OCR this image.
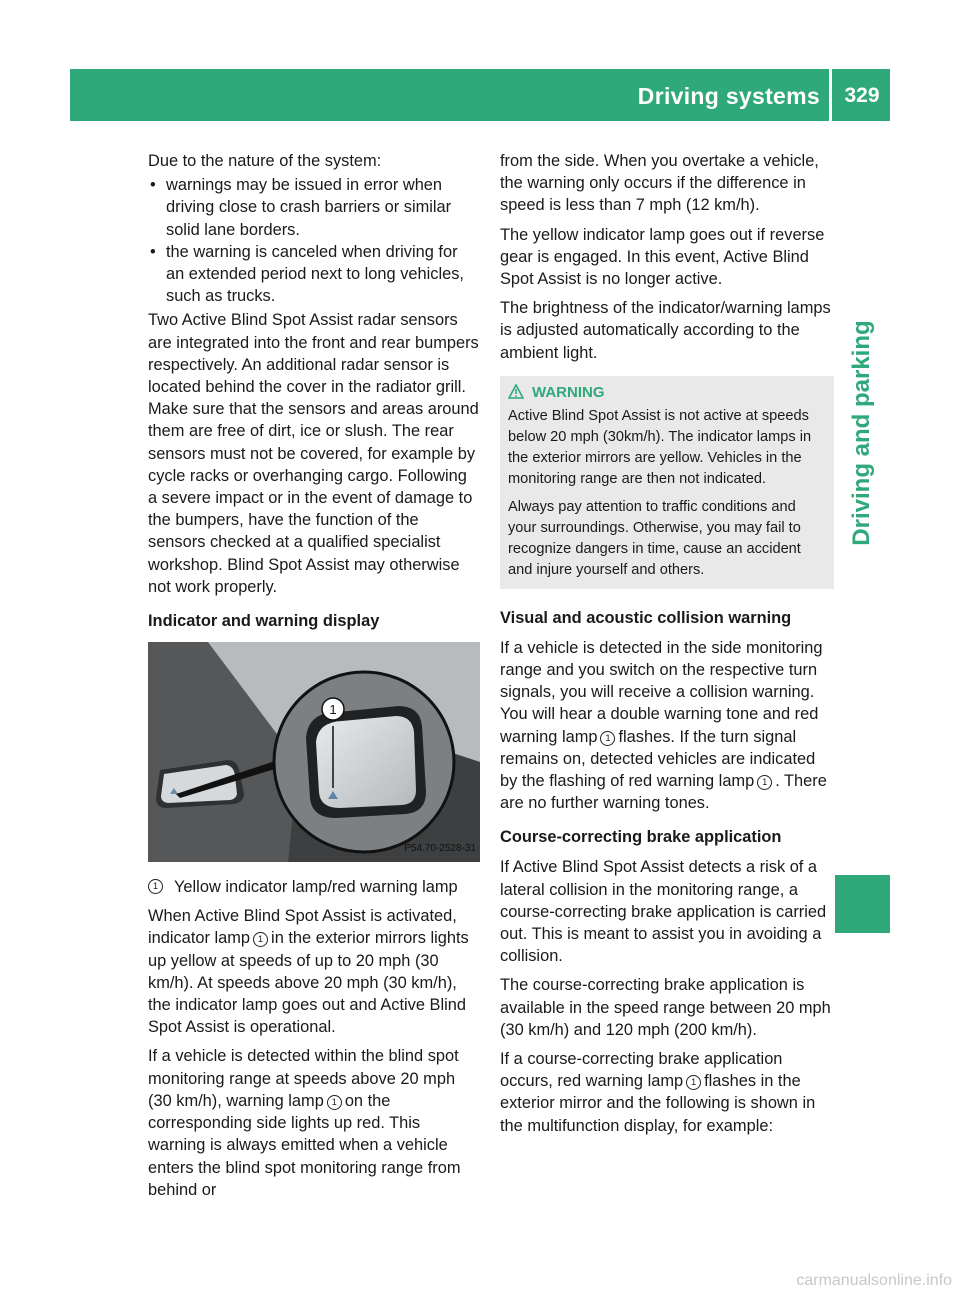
Driving systems	329
Driving and parking

Due to the nature of the system:

• warnings may be issued in error when driving close to crash barriers or similar solid lane borders.
• the warning is canceled when driving for an extended period next to long vehicles, such as trucks.

Two Active Blind Spot Assist radar sensors are integrated into the front and rear bumpers respectively. An additional radar sensor is located behind the cover in the radiator grill. Make sure that the sensors and areas around them are free of dirt, ice or slush. The rear sensors must not be covered, for example by cycle racks or overhanging cargo. Following a severe impact or in the event of damage to the bumpers, have the function of the sensors checked at a qualified specialist workshop. Blind Spot Assist may otherwise not work properly.

Indicator and warning display
1
P54.70-2528-31

1 Yellow indicator lamp/red warning lamp

When Active Blind Spot Assist is activated, indicator lamp 1 in the exterior mirrors lights up yellow at speeds of up to 20 mph (30 km/h). At speeds above 20 mph (30 km/h), the indicator lamp goes out and Active Blind Spot Assist is operational.

If a vehicle is detected within the blind spot monitoring range at speeds above 20 mph (30 km/h), warning lamp 1 on the corresponding side lights up red. This warning is always emitted when a vehicle enters the blind spot monitoring range from behind or

from the side. When you overtake a vehicle, the warning only occurs if the difference in speed is less than 7 mph (12 km/h).

The yellow indicator lamp goes out if reverse gear is engaged. In this event, Active Blind Spot Assist is no longer active.

The brightness of the indicator/warning lamps is adjusted automatically according to the ambient light.

WARNING

Active Blind Spot Assist is not active at speeds below 20 mph (30km/h). The indicator lamps in the exterior mirrors are yellow. Vehicles in the monitoring range are then not indicated.

Always pay attention to traffic conditions and your surroundings. Otherwise, you may fail to recognize dangers in time, cause an accident and injure yourself and others.

Visual and acoustic collision warning

If a vehicle is detected in the side monitoring range and you switch on the respective turn signals, you will receive a collision warning. You will hear a double warning tone and red warning lamp 1 flashes. If the turn signal remains on, detected vehicles are indicated by the flashing of red warning lamp 1 . There are no further warning tones.

Course-correcting brake application

If Active Blind Spot Assist detects a risk of a lateral collision in the monitoring range, a course-correcting brake application is carried out. This is meant to assist you in avoiding a collision.

The course-correcting brake application is available in the speed range between 20 mph (30 km/h) and 120 mph (200 km/h).

If a course-correcting brake application occurs, red warning lamp 1 flashes in the exterior mirror and the following is shown in the multifunction display, for example:

carmanualsonline.info
